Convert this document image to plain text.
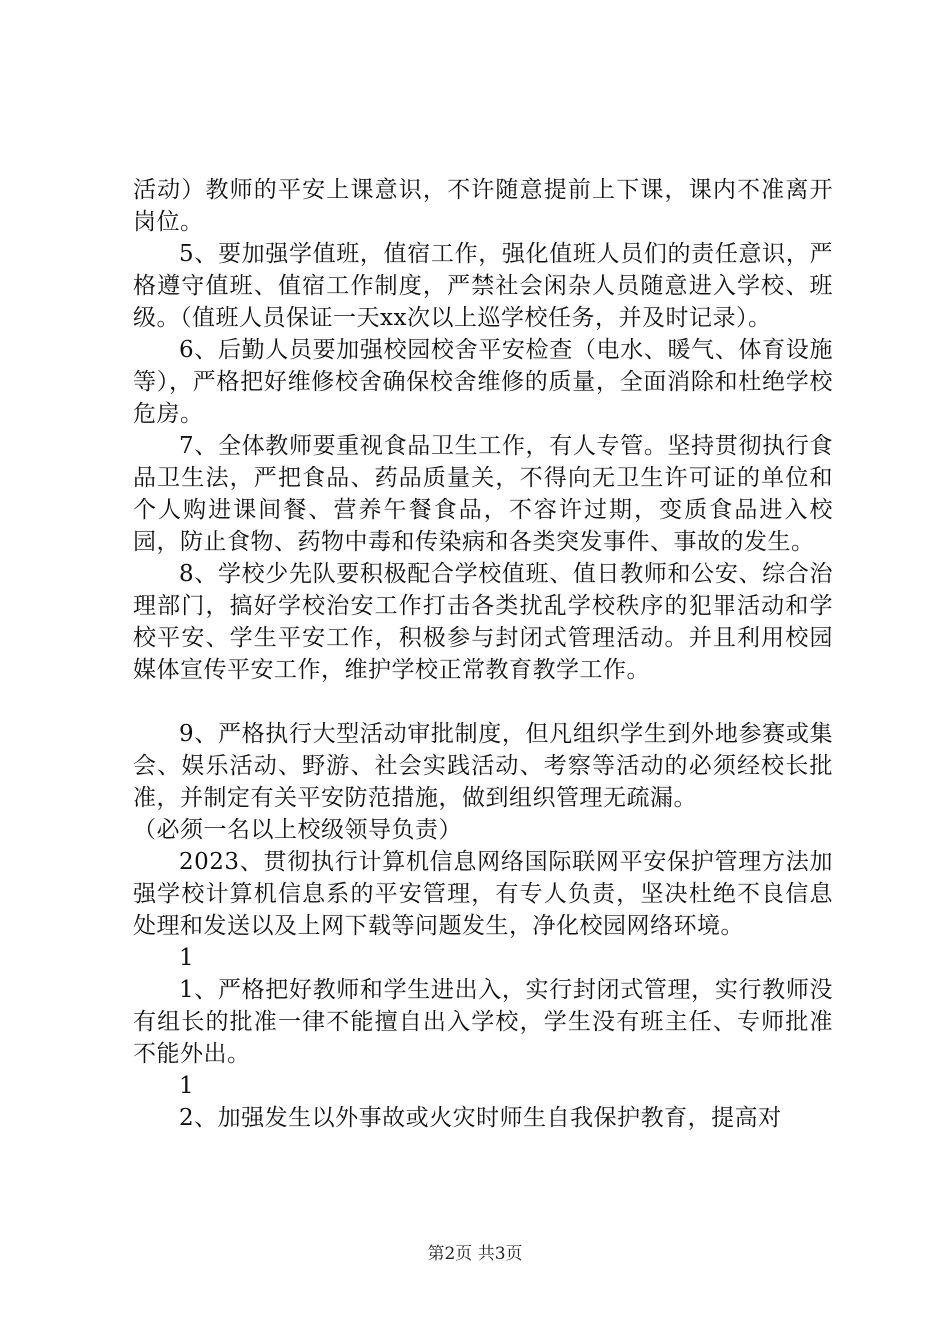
活动）教师的平安上课意识，不许随意提前上下课，课内不准离开岗位。

5、要加强学值班，值宿工作，强化值班人员们的责任意识，严格遵守值班、值宿工作制度，严禁社会闲杂人员随意进入学校、班级。（值班人员保证一天xx次以上巡学校任务，并及时记录）。

6、后勤人员要加强校园校舍平安检查（电水、暖气、体育设施等），严格把好维修校舍确保校舍维修的质量，全面消除和杜绝学校危房。

7、全体教师要重视食品卫生工作，有人专管。坚持贯彻执行食品卫生法，严把食品、药品质量关，不得向无卫生许可证的单位和个人购进课间餐、营养午餐食品，不容许过期，变质食品进入校园，防止食物、药物中毒和传染病和各类突发事件、事故的发生。

8、学校少先队要积极配合学校值班、值日教师和公安、综合治理部门，搞好学校治安工作打击各类扰乱学校秩序的犯罪活动和学校平安、学生平安工作，积极参与封闭式管理活动。并且利用校园媒体宣传平安工作，维护学校正常教育教学工作。

9、严格执行大型活动审批制度，但凡组织学生到外地参赛或集会、娱乐活动、野游、社会实践活动、考察等活动的必须经校长批准，并制定有关平安防范措施，做到组织管理无疏漏。

（必须一名以上校级领导负责）

2023、贯彻执行计算机信息网络国际联网平安保护管理方法加强学校计算机信息系的平安管理，有专人负责，坚决杜绝不良信息处理和发送以及上网下载等问题发生，净化校园网络环境。

1

1、严格把好教师和学生进出入，实行封闭式管理，实行教师没有组长的批准一律不能擅自出入学校，学生没有班主任、专师批准不能外出。

1

2、加强发生以外事故或火灾时师生自我保护教育，提高对

第2页 共3页
